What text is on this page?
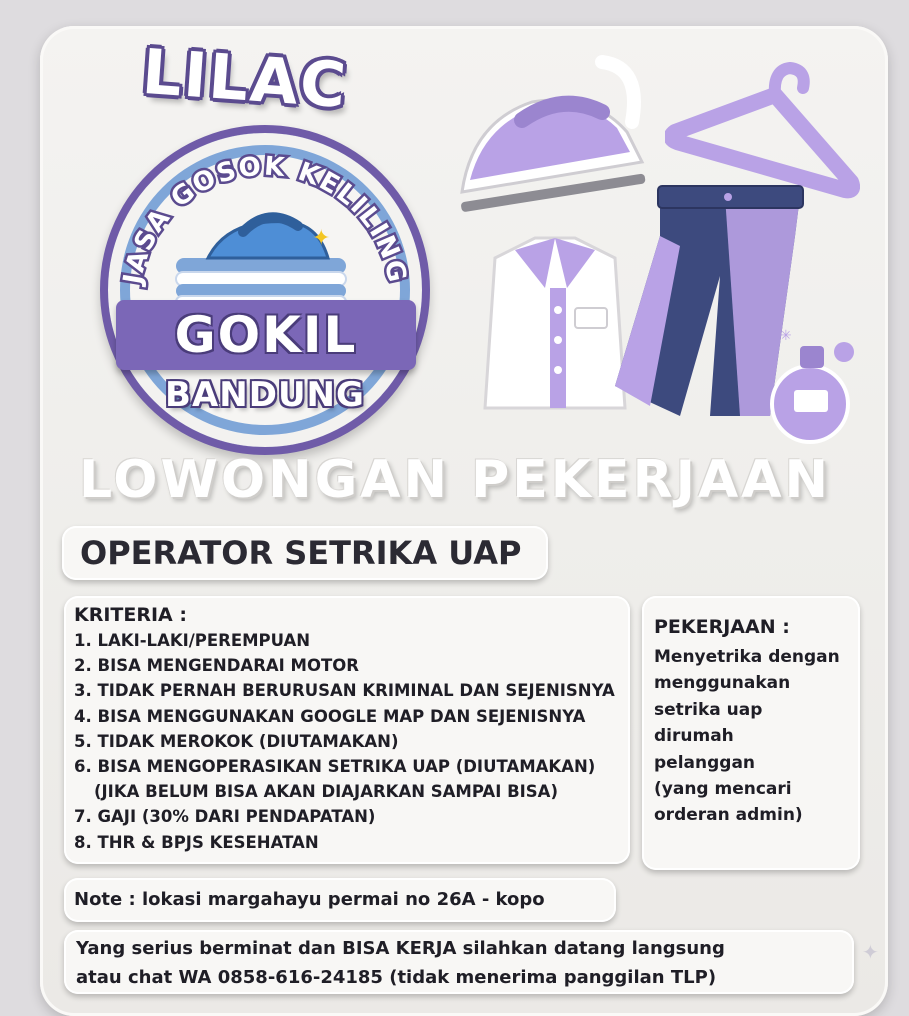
LILAC
JASA GOSOK KELILING
✦
GOKIL
BANDUNG
✳
LOWONGAN PEKERJAAN
OPERATOR SETRIKA UAP
KRITERIA :
1. LAKI-LAKI/PEREMPUAN
2. BISA MENGENDARAI MOTOR
3. TIDAK PERNAH BERURUSAN KRIMINAL DAN SEJENISNYA
4. BISA MENGGUNAKAN GOOGLE MAP DAN SEJENISNYA
5. TIDAK MEROKOK (DIUTAMAKAN)
6. BISA MENGOPERASIKAN SETRIKA UAP (DIUTAMAKAN)
(JIKA BELUM BISA AKAN DIAJARKAN SAMPAI BISA)
7. GAJI (30% DARI PENDAPATAN)
8. THR & BPJS KESEHATAN
PEKERJAAN :
Menyetrika dengan
menggunakan
setrika uap
dirumah
pelanggan
(yang mencari
orderan admin)
Note : lokasi margahayu permai no 26A - kopo
Yang serius berminat dan BISA KERJA silahkan datang langsung
atau chat WA 0858-616-24185 (tidak menerima panggilan TLP)
✦
